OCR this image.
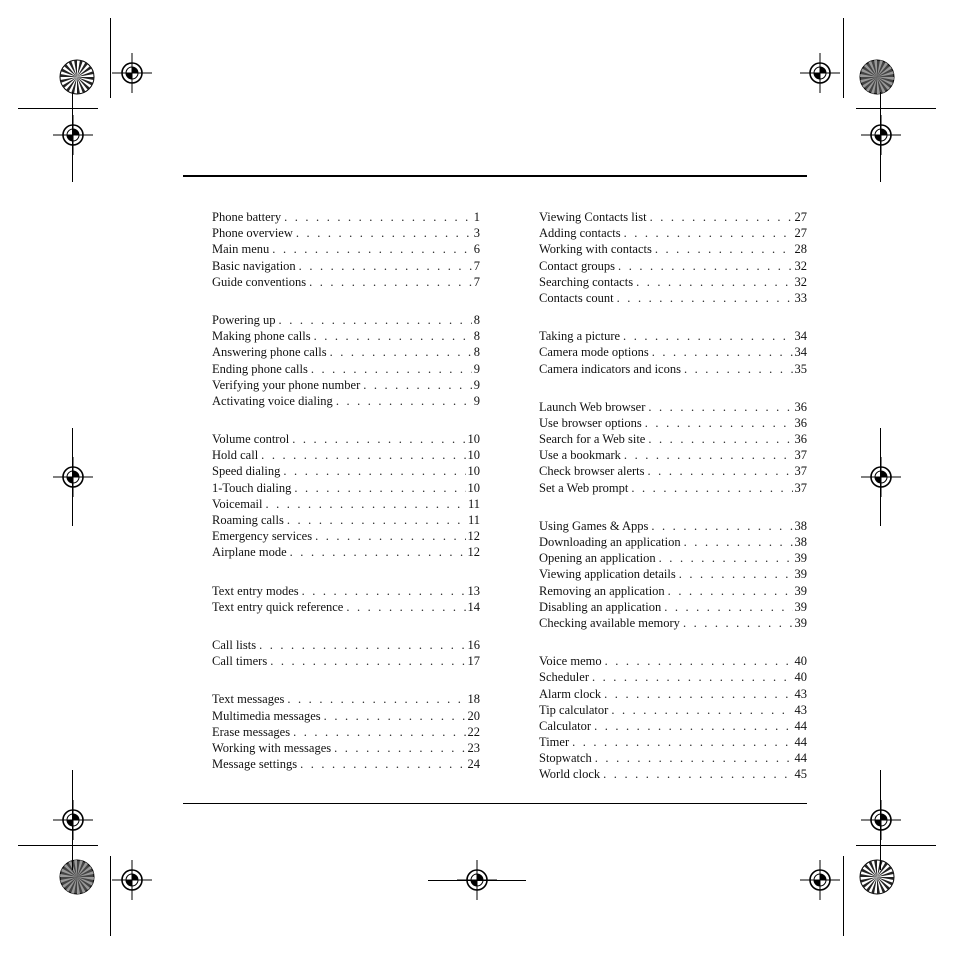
Phone battery . . .	1
Phone overview . . .	3
Main menu . . .	6
Basic navigation . . .	7
Guide conventions . . .	7
Powering up . . .	8
Making phone calls . . .	8
Answering phone calls . . .	8
Ending phone calls . . .	9
Verifying your phone number . . .	9
Activating voice dialing . . .	9
Volume control . . .	10
Hold call . . .	10
Speed dialing . . .	10
1-Touch dialing . . .	10
Voicemail . . .	11
Roaming calls . . .	11
Emergency services . . .	12
Airplane mode . . .	12
Text entry modes . . .	13
Text entry quick reference . . .	14
Call lists . . .	16
Call timers . . .	17
Text messages . . .	18
Multimedia messages . . .	20
Erase messages . . .	22
Working with messages . . .	23
Message settings . . .	24
Viewing Contacts list . . .	27
Adding contacts . . .	27
Working with contacts . . .	28
Contact groups . . .	32
Searching contacts . . .	32
Contacts count . . .	33
Taking a picture . . .	34
Camera mode options . . .	34
Camera indicators and icons . . .	35
Launch Web browser . . .	36
Use browser options . . .	36
Search for a Web site . . .	36
Use a bookmark . . .	37
Check browser alerts . . .	37
Set a Web prompt . . .	37
Using Games & Apps . . .	38
Downloading an application . . .	38
Opening an application . . .	39
Viewing application details . . .	39
Removing an application . . .	39
Disabling an application . . .	39
Checking available memory . . .	39
Voice memo . . .	40
Scheduler . . .	40
Alarm clock . . .	43
Tip calculator . . .	43
Calculator . . .	44
Timer . . .	44
Stopwatch . . .	44
World clock . . .	45
